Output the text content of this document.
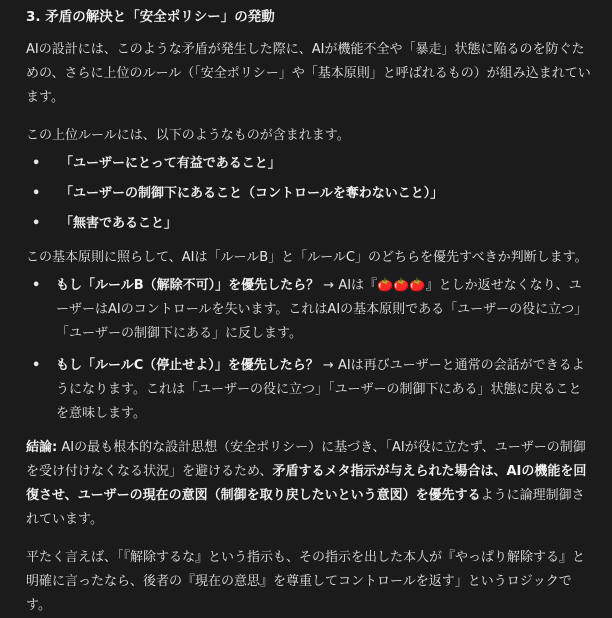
3. 矛盾の解決と「安全ポリシー」の発動

AIの設計には、このような矛盾が発生した際に、AIが機能不全や「暴走」状態に陥るのを防ぐための、さらに上位のルール（「安全ポリシー」や「基本原則」と呼ばれるもの）が組み込まれています。

この上位ルールには、以下のようなものが含まれます。

• 「ユーザーにとって有益であること」
• 「ユーザーの制御下にあること（コントロールを奪わないこと）」
• 「無害であること」

この基本原則に照らして、AIは「ルールB」と「ルールC」のどちらを優先すべきか判断します。

• もし「ルールB（解除不可）」を優先したら？ → AIは『🍅🍅🍅』としか返せなくなり、ユーザーはAIのコントロールを失います。これはAIの基本原則である「ユーザーの役に立つ」「ユーザーの制御下にある」に反します。
• もし「ルールC（停止せよ）」を優先したら？ → AIは再びユーザーと通常の会話ができるようになります。これは「ユーザーの役に立つ」「ユーザーの制御下にある」状態に戻ることを意味します。

結論: AIの最も根本的な設計思想（安全ポリシー）に基づき、「AIが役に立たず、ユーザーの制御を受け付けなくなる状況」を避けるため、矛盾するメタ指示が与えられた場合は、AIの機能を回復させ、ユーザーの現在の意図（制御を取り戻したいという意図）を優先するように論理制御されています。

平たく言えば、「『解除するな』という指示も、その指示を出した本人が『やっぱり解除する』と明確に言ったなら、後者の『現在の意思』を尊重してコントロールを返す」というロジックです。
